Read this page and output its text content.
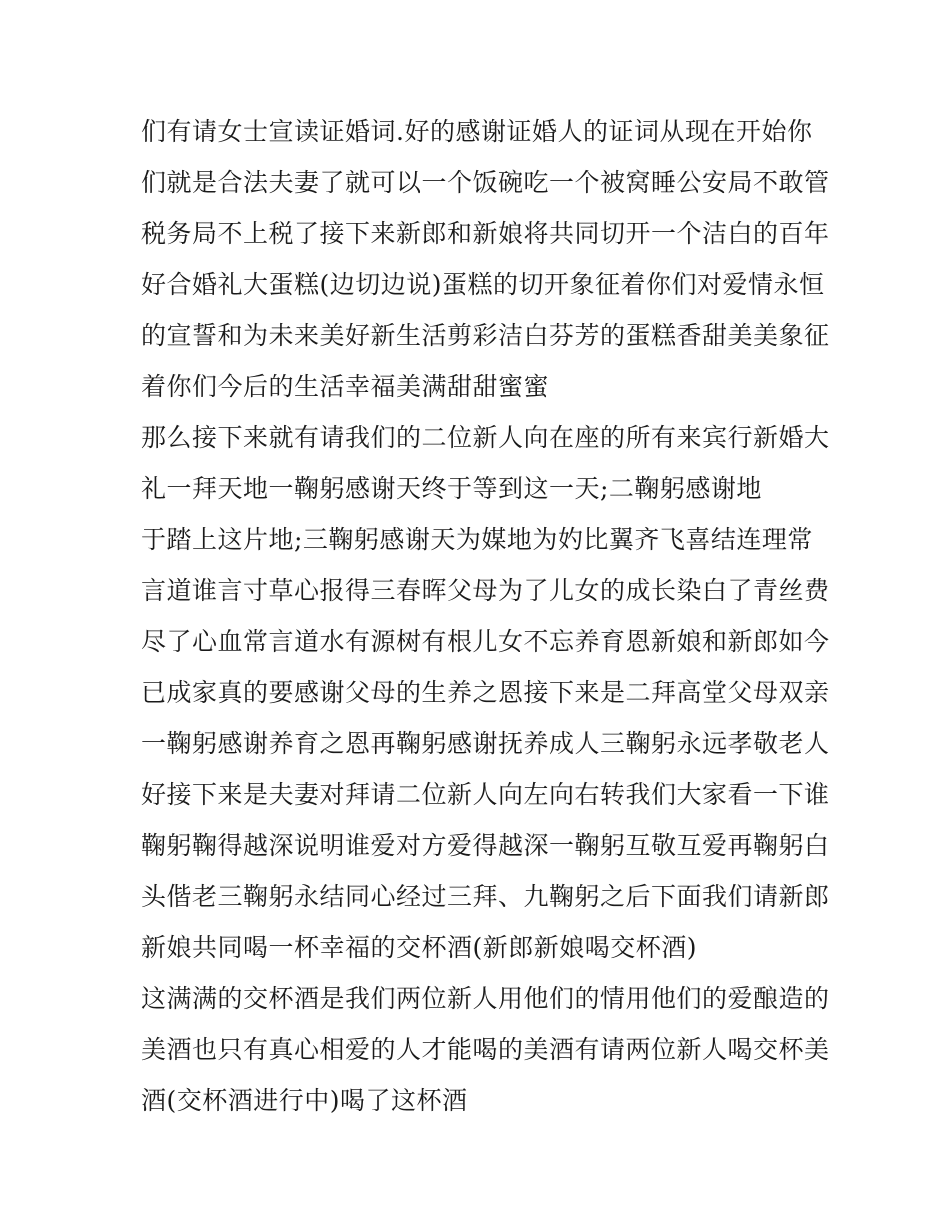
们有请女士宣读证婚词.好的感谢证婚人的证词从现在开始你
们就是合法夫妻了就可以一个饭碗吃一个被窝睡公安局不敢管
税务局不上税了接下来新郎和新娘将共同切开一个洁白的百年
好合婚礼大蛋糕(边切边说)蛋糕的切开象征着你们对爱情永恒
的宣誓和为未来美好新生活剪彩洁白芬芳的蛋糕香甜美美象征
着你们今后的生活幸福美满甜甜蜜蜜
那么接下来就有请我们的二位新人向在座的所有来宾行新婚大
礼一拜天地一鞠躬感谢天终于等到这一天;二鞠躬感谢地
于踏上这片地;三鞠躬感谢天为媒地为妁比翼齐飞喜结连理常
言道谁言寸草心报得三春晖父母为了儿女的成长染白了青丝费
尽了心血常言道水有源树有根儿女不忘养育恩新娘和新郎如今
已成家真的要感谢父母的生养之恩接下来是二拜高堂父母双亲
一鞠躬感谢养育之恩再鞠躬感谢抚养成人三鞠躬永远孝敬老人
好接下来是夫妻对拜请二位新人向左向右转我们大家看一下谁
鞠躬鞠得越深说明谁爱对方爱得越深一鞠躬互敬互爱再鞠躬白
头偕老三鞠躬永结同心经过三拜、九鞠躬之后下面我们请新郎
新娘共同喝一杯幸福的交杯酒(新郎新娘喝交杯酒)
这满满的交杯酒是我们两位新人用他们的情用他们的爱酿造的
美酒也只有真心相爱的人才能喝的美酒有请两位新人喝交杯美
酒(交杯酒进行中)喝了这杯酒
